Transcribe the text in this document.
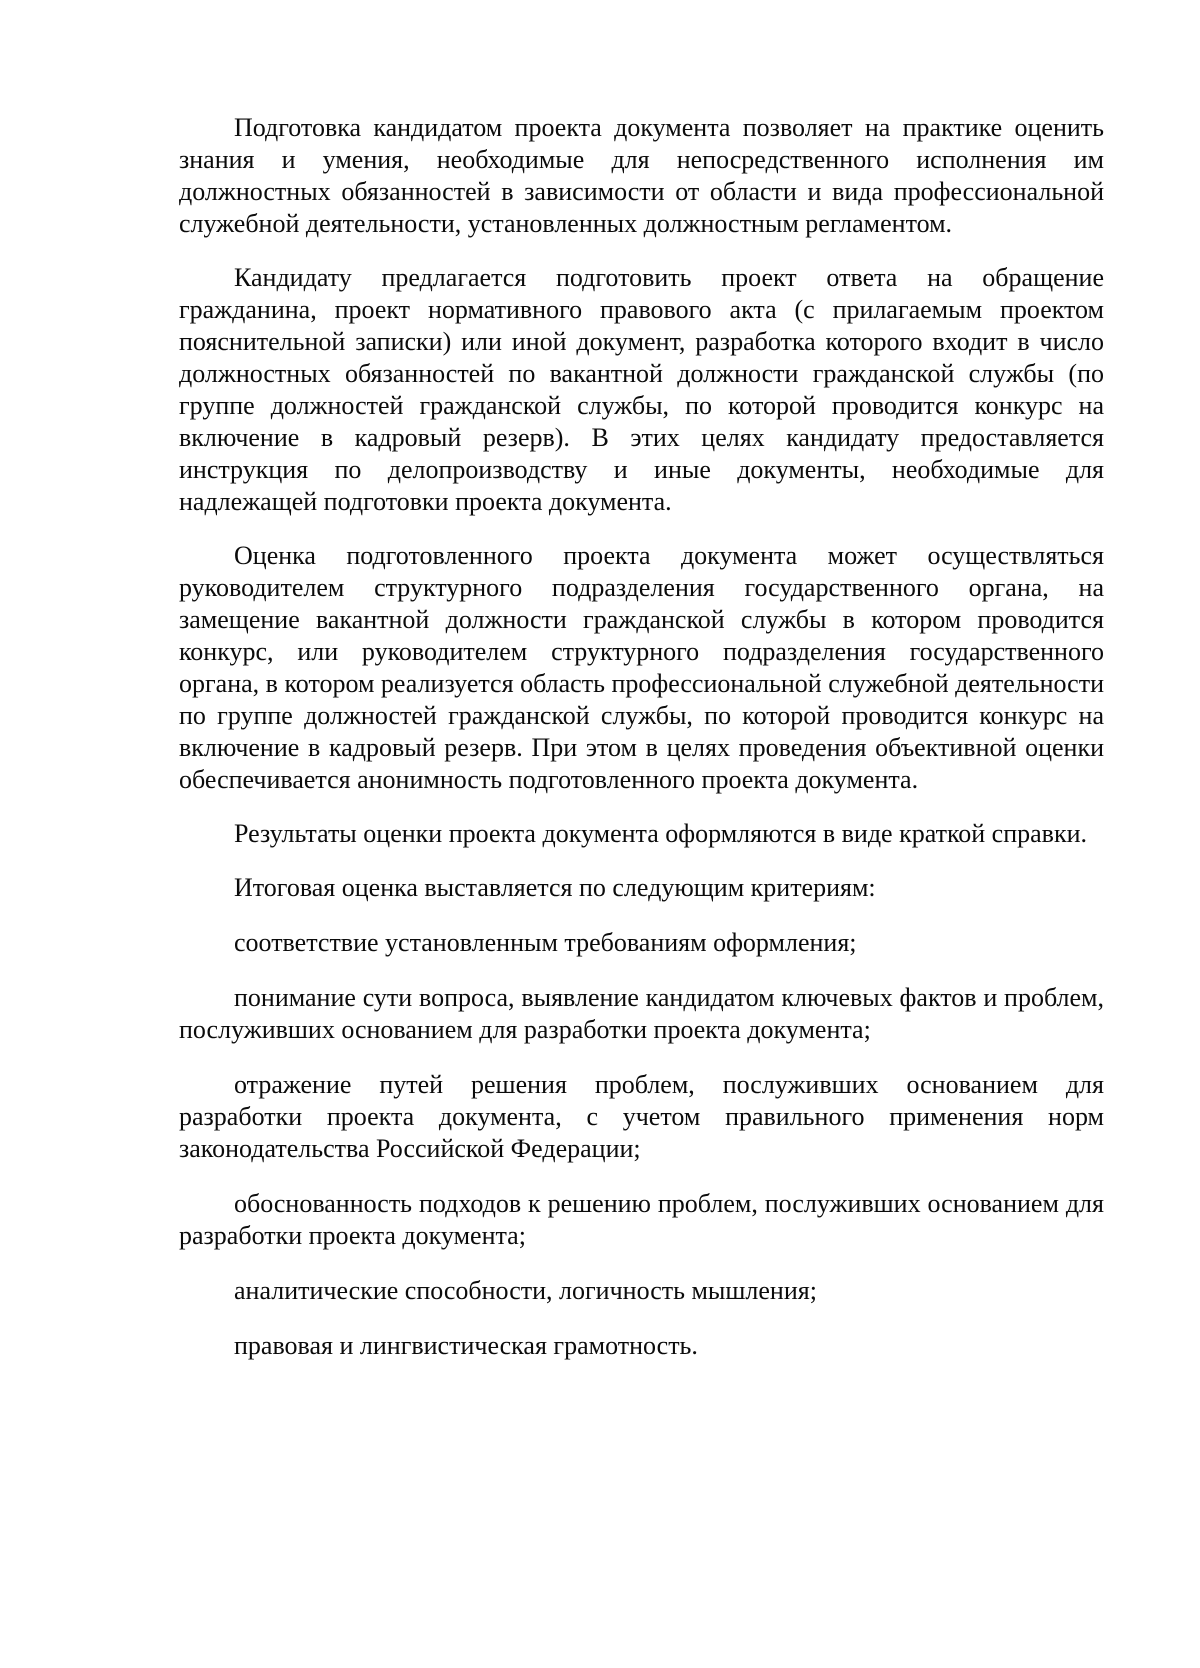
Подготовка кандидатом проекта документа позволяет на практике оценить знания и умения, необходимые для непосредственного исполнения им должностных обязанностей в зависимости от области и вида профессиональной служебной деятельности, установленных должностным регламентом.

Кандидату предлагается подготовить проект ответа на обращение гражданина, проект нормативного правового акта (с прилагаемым проектом пояснительной записки) или иной документ, разработка которого входит в число должностных обязанностей по вакантной должности гражданской службы (по группе должностей гражданской службы, по которой проводится конкурс на включение в кадровый резерв). В этих целях кандидату предоставляется инструкция по делопроизводству и иные документы, необходимые для надлежащей подготовки проекта документа.

Оценка подготовленного проекта документа может осуществляться руководителем структурного подразделения государственного органа, на замещение вакантной должности гражданской службы в котором проводится конкурс, или руководителем структурного подразделения государственного органа, в котором реализуется область профессиональной служебной деятельности по группе должностей гражданской службы, по которой проводится конкурс на включение в кадровый резерв. При этом в целях проведения объективной оценки обеспечивается анонимность подготовленного проекта документа.

Результаты оценки проекта документа оформляются в виде краткой справки.

Итоговая оценка выставляется по следующим критериям:

соответствие установленным требованиям оформления;

понимание сути вопроса, выявление кандидатом ключевых фактов и проблем, послуживших основанием для разработки проекта документа;

отражение путей решения проблем, послуживших основанием для разработки проекта документа, с учетом правильного применения норм законодательства Российской Федерации;

обоснованность подходов к решению проблем, послуживших основанием для разработки проекта документа;

аналитические способности, логичность мышления;

правовая и лингвистическая грамотность.
